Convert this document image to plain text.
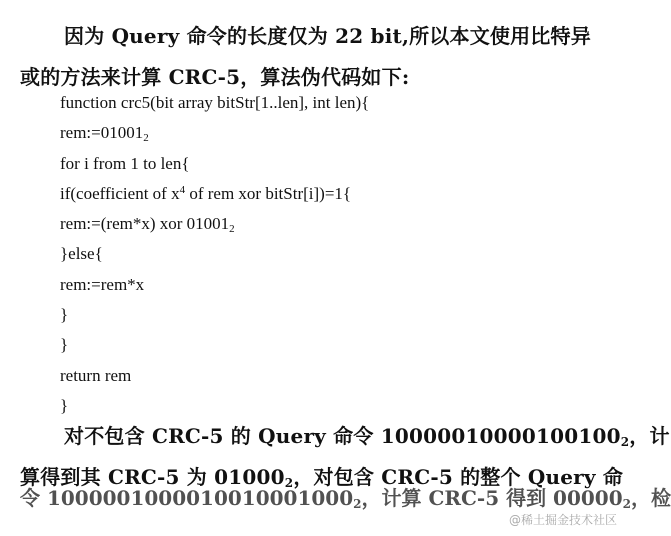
因为 Query 命令的长度仅为 22 bit,所以本文使用比特异
或的方法来计算 CRC-5，算法伪代码如下:
function crc5(bit array bitStr[1..len], int len){
$rem:=01001_2$
for i from 1 to len{
if(coefficient of $x^4$ of rem xor bitStr[i])=1{
rem:=(rem*x) xor $01001_2$
}else{
rem:=rem*x
}
}
return rem
}
对不包含 CRC-5 的 Query 命令 $10000010000100100_2$，计
算得到其 CRC-5 为 $01000_2$，对包含 CRC-5 的整个 Query 命
令 $1000001000010010001000_2$，计算 CRC-5 得到 $00000_2$，检
@稀土掘金技术社区
